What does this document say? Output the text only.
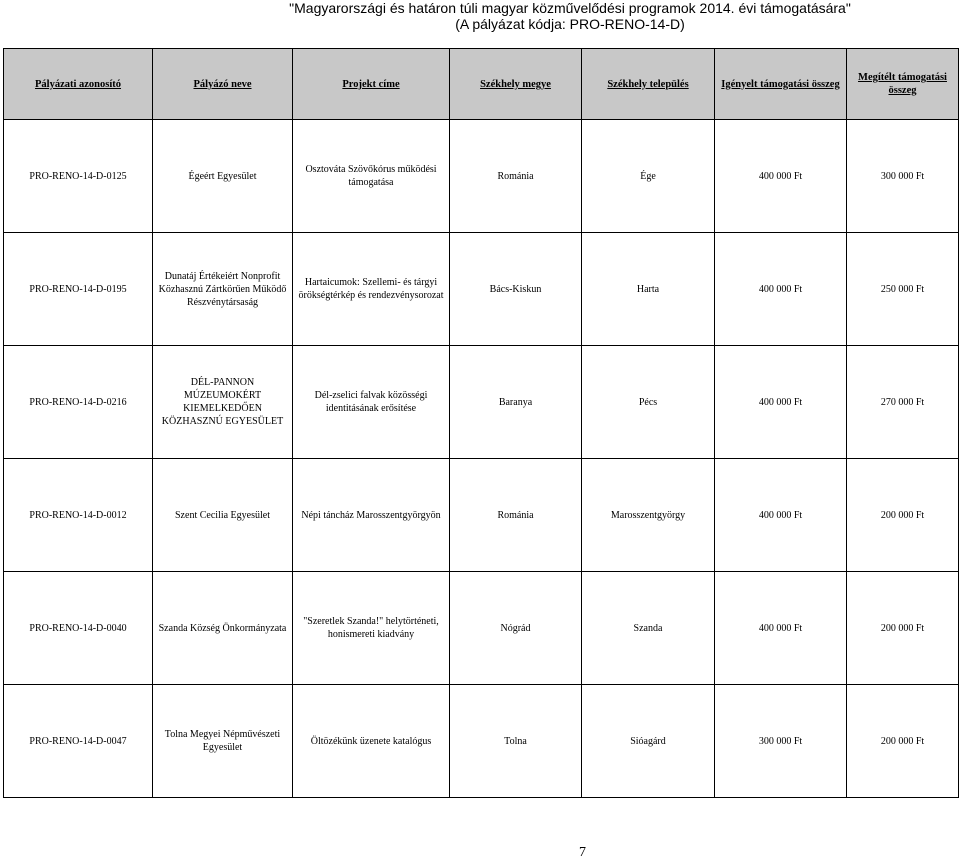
"Magyarországi és határon túli magyar közművelődési programok 2014. évi támogatására"
(A pályázat kódja: PRO-RENO-14-D)
Pályázati azonosító	Pályázó neve	Projekt címe	Székhely megye	Székhely település	Igényelt támogatási összeg	Megítélt támogatási összeg
PRO-RENO-14-D-0125	Égeért Egyesület	Osztováta Szövőkórus működési támogatása	Románia	Ége	400 000 Ft	300 000 Ft
PRO-RENO-14-D-0195	Dunatáj Értékeiért Nonprofit Közhasznú Zártkörűen Működő Részvénytársaság	Hartaicumok: Szellemi- és tárgyi örökségtérkép és rendezvénysorozat	Bács-Kiskun	Harta	400 000 Ft	250 000 Ft
PRO-RENO-14-D-0216	DÉL-PANNON MÚZEUMOKÉRT KIEMELKEDŐEN KÖZHASZNÚ EGYESÜLET	Dél-zselici falvak közösségi identitásának erősítése	Baranya	Pécs	400 000 Ft	270 000 Ft
PRO-RENO-14-D-0012	Szent Cecilia Egyesület	Népi táncház Marosszentgyörgyön	Románia	Marosszentgyörgy	400 000 Ft	200 000 Ft
PRO-RENO-14-D-0040	Szanda Község Önkormányzata	"Szeretlek Szanda!" helytörténeti, honismereti kiadvány	Nógrád	Szanda	400 000 Ft	200 000 Ft
PRO-RENO-14-D-0047	Tolna Megyei Népművészeti Egyesület	Öltözékünk üzenete katalógus	Tolna	Sióagárd	300 000 Ft	200 000 Ft
7
